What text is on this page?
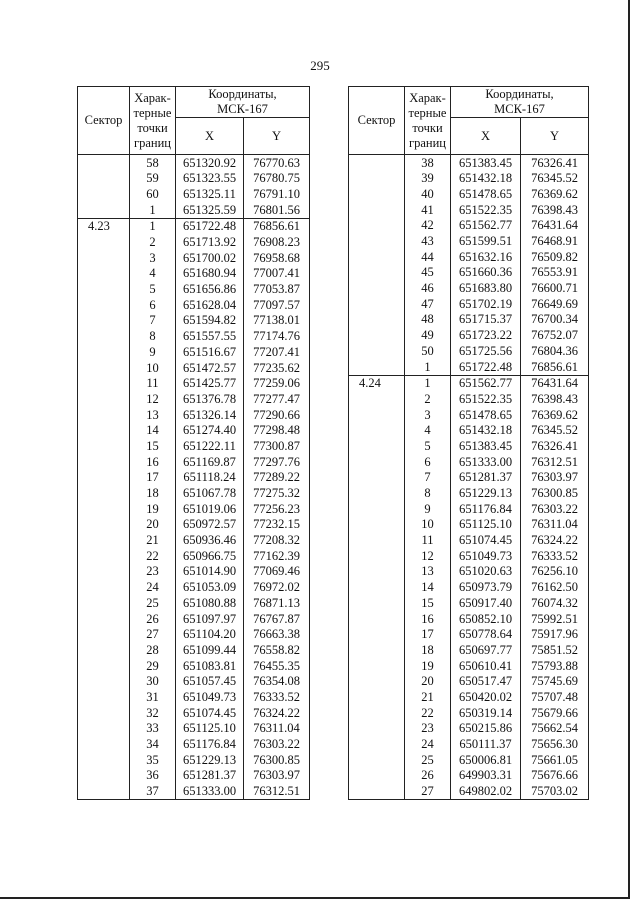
295
Сектор	Харак-
терные
точки
границ	Координаты,
МСК-167	
		X	Y
	58	651320.92	76770.63
	59	651323.55	76780.75
	60	651325.11	76791.10
	1	651325.59	76801.56
4.23	1	651722.48	76856.61
	2	651713.92	76908.23
	3	651700.02	76958.68
	4	651680.94	77007.41
	5	651656.86	77053.87
	6	651628.04	77097.57
	7	651594.82	77138.01
	8	651557.55	77174.76
	9	651516.67	77207.41
	10	651472.57	77235.62
	11	651425.77	77259.06
	12	651376.78	77277.47
	13	651326.14	77290.66
	14	651274.40	77298.48
	15	651222.11	77300.87
	16	651169.87	77297.76
	17	651118.24	77289.22
	18	651067.78	77275.32
	19	651019.06	77256.23
	20	650972.57	77232.15
	21	650936.46	77208.32
	22	650966.75	77162.39
	23	651014.90	77069.46
	24	651053.09	76972.02
	25	651080.88	76871.13
	26	651097.97	76767.87
	27	651104.20	76663.38
	28	651099.44	76558.82
	29	651083.81	76455.35
	30	651057.45	76354.08
	31	651049.73	76333.52
	32	651074.45	76324.22
	33	651125.10	76311.04
	34	651176.84	76303.22
	35	651229.13	76300.85
	36	651281.37	76303.97
	37	651333.00	76312.51
Сектор	Харак-
терные
точки
границ	Координаты,
МСК-167	
		X	Y
	38	651383.45	76326.41
	39	651432.18	76345.52
	40	651478.65	76369.62
	41	651522.35	76398.43
	42	651562.77	76431.64
	43	651599.51	76468.91
	44	651632.16	76509.82
	45	651660.36	76553.91
	46	651683.80	76600.71
	47	651702.19	76649.69
	48	651715.37	76700.34
	49	651723.22	76752.07
	50	651725.56	76804.36
	1	651722.48	76856.61
4.24	1	651562.77	76431.64
	2	651522.35	76398.43
	3	651478.65	76369.62
	4	651432.18	76345.52
	5	651383.45	76326.41
	6	651333.00	76312.51
	7	651281.37	76303.97
	8	651229.13	76300.85
	9	651176.84	76303.22
	10	651125.10	76311.04
	11	651074.45	76324.22
	12	651049.73	76333.52
	13	651020.63	76256.10
	14	650973.79	76162.50
	15	650917.40	76074.32
	16	650852.10	75992.51
	17	650778.64	75917.96
	18	650697.77	75851.52
	19	650610.41	75793.88
	20	650517.47	75745.69
	21	650420.02	75707.48
	22	650319.14	75679.66
	23	650215.86	75662.54
	24	650111.37	75656.30
	25	650006.81	75661.05
	26	649903.31	75676.66
	27	649802.02	75703.02
